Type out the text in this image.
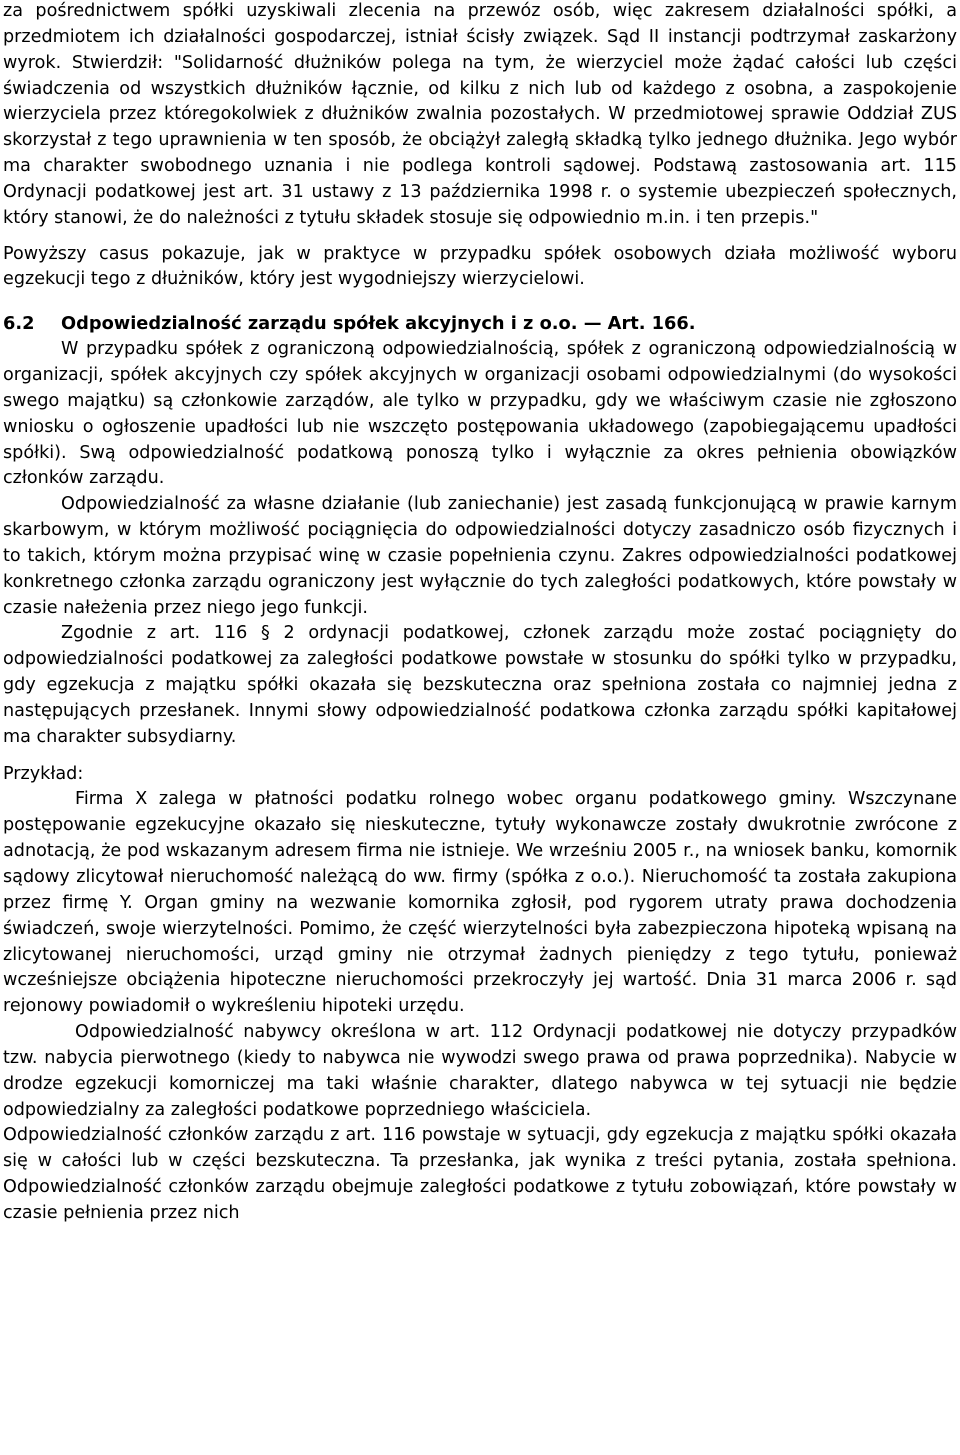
za pośrednictwem spółki uzyskiwali zlecenia na przewóz osób, więc zakresem działalności spółki, a przedmiotem ich działalności gospodarczej, istniał ścisły związek. Sąd II instancji podtrzymał zaskarżony wyrok. Stwierdził: "Solidarność dłużników polega na tym, że wierzyciel może żądać całości lub części świadczenia od wszystkich dłużników łącznie, od kilku z nich lub od każdego z osobna, a zaspokojenie wierzyciela przez któregokolwiek z dłużników zwalnia pozostałych. W przedmiotowej sprawie Oddział ZUS skorzystał z tego uprawnienia w ten sposób, że obciążył zaległą składką tylko jednego dłużnika. Jego wybór ma charakter swobodnego uznania i nie podlega kontroli sądowej. Podstawą zastosowania art. 115 Ordynacji podatkowej jest art. 31 ustawy z 13 października 1998 r. o systemie ubezpieczeń społecznych, który stanowi, że do należności z tytułu składek stosuje się odpowiednio m.in. i ten przepis."

Powyższy casus pokazuje, jak w praktyce w przypadku spółek osobowych działa możliwość wyboru egzekucji tego z dłużników, który jest wygodniejszy wierzycielowi.

6.2 Odpowiedzialność zarządu spółek akcyjnych i z o.o. — Art. 166.

W przypadku spółek z ograniczoną odpowiedzialnością, spółek z ograniczoną odpowiedzialnością w organizacji, spółek akcyjnych czy spółek akcyjnych w organizacji osobami odpowiedzialnymi (do wysokości swego majątku) są członkowie zarządów, ale tylko w przypadku, gdy we właściwym czasie nie zgłoszono wniosku o ogłoszenie upadłości lub nie wszczęto postępowania układowego (zapobiegającemu upadłości spółki). Swą odpowiedzialność podatkową ponoszą tylko i wyłącznie za okres pełnienia obowiązków członków zarządu.

Odpowiedzialność za własne działanie (lub zaniechanie) jest zasadą funkcjonującą w prawie karnym skarbowym, w którym możliwość pociągnięcia do odpowiedzialności dotyczy zasadniczo osób fizycznych i to takich, którym można przypisać winę w czasie popełnienia czynu. Zakres odpowiedzialności podatkowej konkretnego członka zarządu ograniczony jest wyłącznie do tych zaległości podatkowych, które powstały w czasie nałeżenia przez niego jego funkcji.

Zgodnie z art. 116 § 2 ordynacji podatkowej, członek zarządu może zostać pociągnięty do odpowiedzialności podatkowej za zaległości podatkowe powstałe w stosunku do spółki tylko w przypadku, gdy egzekucja z majątku spółki okazała się bezskuteczna oraz spełniona została co najmniej jedna z następujących przesłanek. Innymi słowy odpowiedzialność podatkowa członka zarządu spółki kapitałowej ma charakter subsydiarny.

Przykład:

Firma X zalega w płatności podatku rolnego wobec organu podatkowego gminy. Wszczynane postępowanie egzekucyjne okazało się nieskuteczne, tytuły wykonawcze zostały dwukrotnie zwrócone z adnotacją, że pod wskazanym adresem firma nie istnieje. We wrześniu 2005 r., na wniosek banku, komornik sądowy zlicytował nieruchomość należącą do ww. firmy (spółka z o.o.). Nieruchomość ta została zakupiona przez firmę Y. Organ gminy na wezwanie komornika zgłosił, pod rygorem utraty prawa dochodzenia świadczeń, swoje wierzytelności. Pomimo, że część wierzytelności była zabezpieczona hipoteką wpisaną na zlicytowanej nieruchomości, urząd gminy nie otrzymał żadnych pieniędzy z tego tytułu, ponieważ wcześniejsze obciążenia hipoteczne nieruchomości przekroczyły jej wartość. Dnia 31 marca 2006 r. sąd rejonowy powiadomił o wykreśleniu hipoteki urzędu.

Odpowiedzialność nabywcy określona w art. 112 Ordynacji podatkowej nie dotyczy przypadków tzw. nabycia pierwotnego (kiedy to nabywca nie wywodzi swego prawa od prawa poprzednika). Nabycie w drodze egzekucji komorniczej ma taki właśnie charakter, dlatego nabywca w tej sytuacji nie będzie odpowiedzialny za zaległości podatkowe poprzedniego właściciela.

Odpowiedzialność członków zarządu z art. 116 powstaje w sytuacji, gdy egzekucja z majątku spółki okazała się w całości lub w części bezskuteczna. Ta przesłanka, jak wynika z treści pytania, została spełniona. Odpowiedzialność członków zarządu obejmuje zaległości podatkowe z tytułu zobowiązań, które powstały w czasie pełnienia przez nich
